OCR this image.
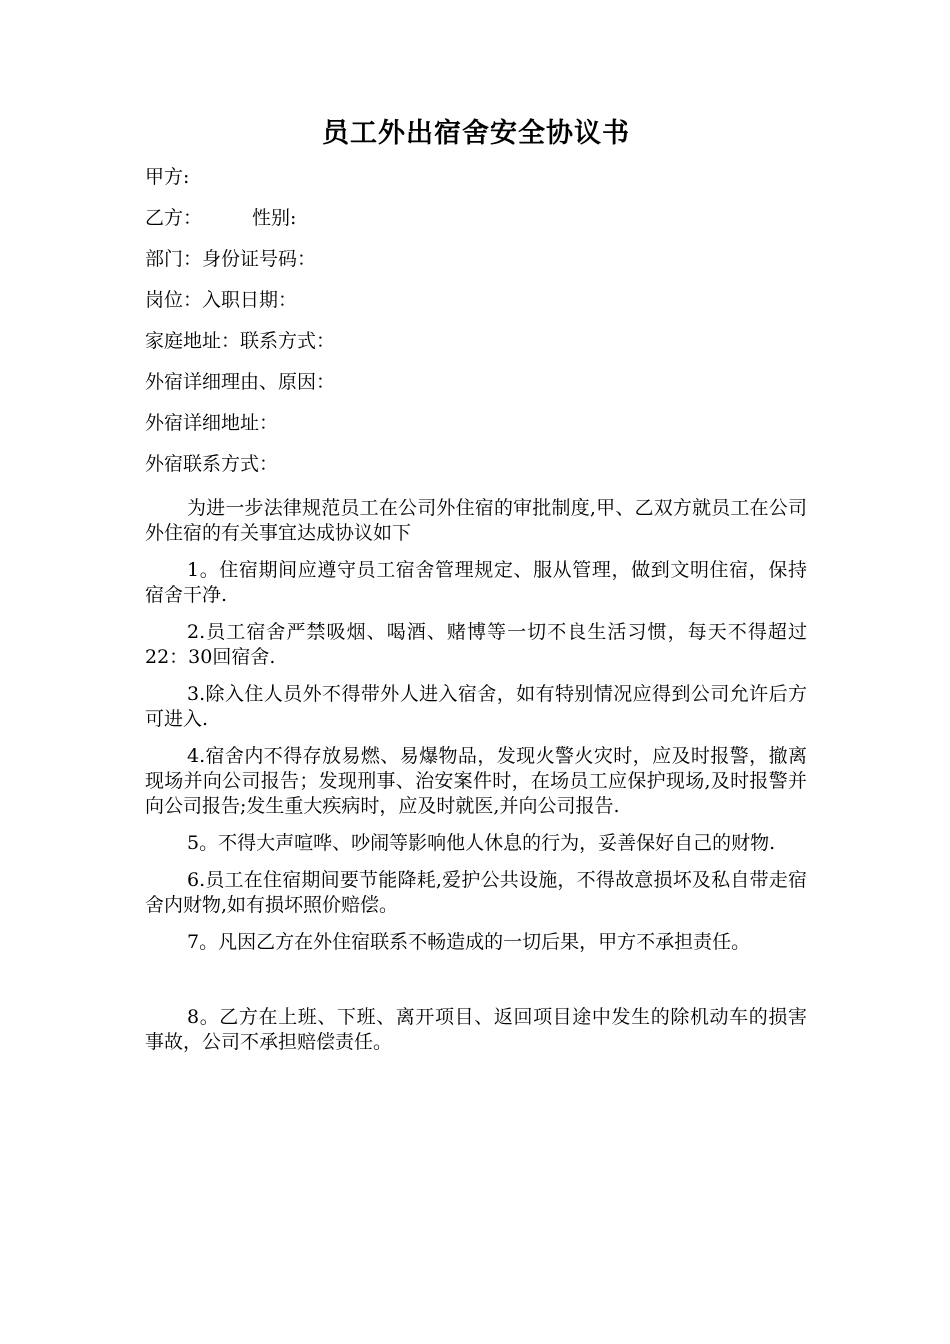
员工外出宿舍安全协议书
甲方:
乙方：	性别:
部门：身份证号码：
岗位：入职日期：
家庭地址：联系方式：
外宿详细理由、原因：
外宿详细地址：
外宿联系方式：

为进一步法律规范员工在公司外住宿的审批制度,甲、乙双方就员工在公司外住宿的有关事宜达成协议如下

1。住宿期间应遵守员工宿舍管理规定、服从管理，做到文明住宿，保持宿舍干净.

2.员工宿舍严禁吸烟、喝酒、赌博等一切不良生活习惯，每天不得超过22：30回宿舍.

3.除入住人员外不得带外人进入宿舍，如有特别情况应得到公司允许后方可进入.

4.宿舍内不得存放易燃、易爆物品，发现火警火灾时，应及时报警，撤离现场并向公司报告；发现刑事、治安案件时，在场员工应保护现场,及时报警并向公司报告;发生重大疾病时，应及时就医,并向公司报告.

5。不得大声喧哗、吵闹等影响他人休息的行为，妥善保好自己的财物.

6.员工在住宿期间要节能降耗,爱护公共设施，不得故意损坏及私自带走宿舍内财物,如有损坏照价赔偿。

7。凡因乙方在外住宿联系不畅造成的一切后果，甲方不承担责任。

8。乙方在上班、下班、离开项目、返回项目途中发生的除机动车的损害事故，公司不承担赔偿责任。
